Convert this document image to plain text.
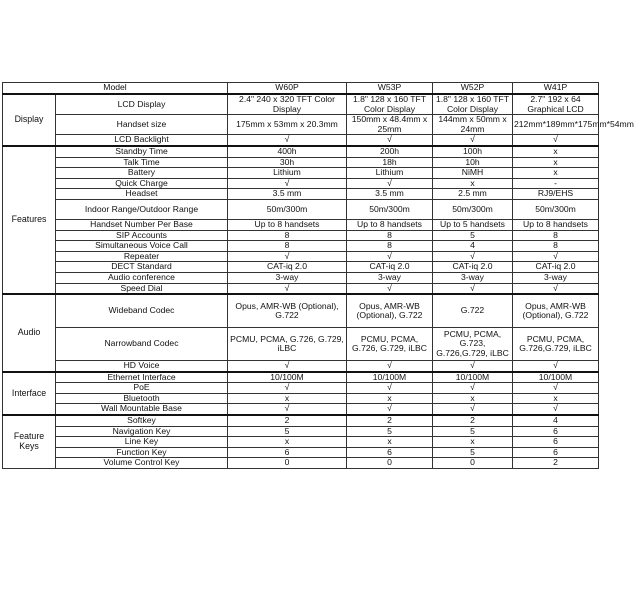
Model		W60P	W53P	W52P	W41P
Display	LCD Display	2.4" 240 x 320 TFT Color Display	1.8" 128 x 160 TFT Color Display	1.8" 128 x 160 TFT Color Display	2.7" 192 x 64 Graphical LCD
	Handset size	175mm x 53mm x 20.3mm	150mm x 48.4mm x 25mm	144mm x 50mm x 24mm	212mm*189mm*175mm*54mm
	LCD Backlight	√	√	√	√
Features	Standby Time	400h	200h	100h	x
	Talk Time	30h	18h	10h	x
	Battery	Lithium	Lithium	NiMH	x
	Quick Charge	√	√	x	-
	Headset	3.5 mm	3.5 mm	2.5 mm	RJ9/EHS
	Indoor Range/Outdoor Range	50m/300m	50m/300m	50m/300m	50m/300m
	Handset Number Per Base	Up to 8 handsets	Up to 8 handsets	Up to 5 handsets	Up to 8 handsets
	SIP Accounts	8	8	5	8
	Simultaneous Voice Call	8	8	4	8
	Repeater	√	√	√	√
	DECT Standard	CAT-iq 2.0	CAT-iq 2.0	CAT-iq 2.0	CAT-iq 2.0
	Audio conference	3-way	3-way	3-way	3-way
	Speed Dial	√	√	√	√
Audio	Wideband Codec	Opus, AMR-WB (Optional), G.722	Opus, AMR-WB (Optional), G.722	G.722	Opus, AMR-WB (Optional), G.722
	Narrowband Codec	PCMU, PCMA, G.726, G.729, iLBC	PCMU, PCMA, G.726, G.729, iLBC	PCMU, PCMA, G.723, G.726,G.729, iLBC	PCMU, PCMA, G.726,G.729, iLBC
	HD Voice	√	√	√	√
Interface	Ethernet Interface	10/100M	10/100M	10/100M	10/100M
	PoE	√	√	√	√
	Bluetooth	x	x	x	x
	Wall Mountable Base	√	√	√	√
Feature Keys	Softkey	2	2	2	4
	Navigation Key	5	5	5	6
	Line Key	x	x	x	6
	Function Key	6	6	5	6
	Volume Control Key	0	0	0	2
